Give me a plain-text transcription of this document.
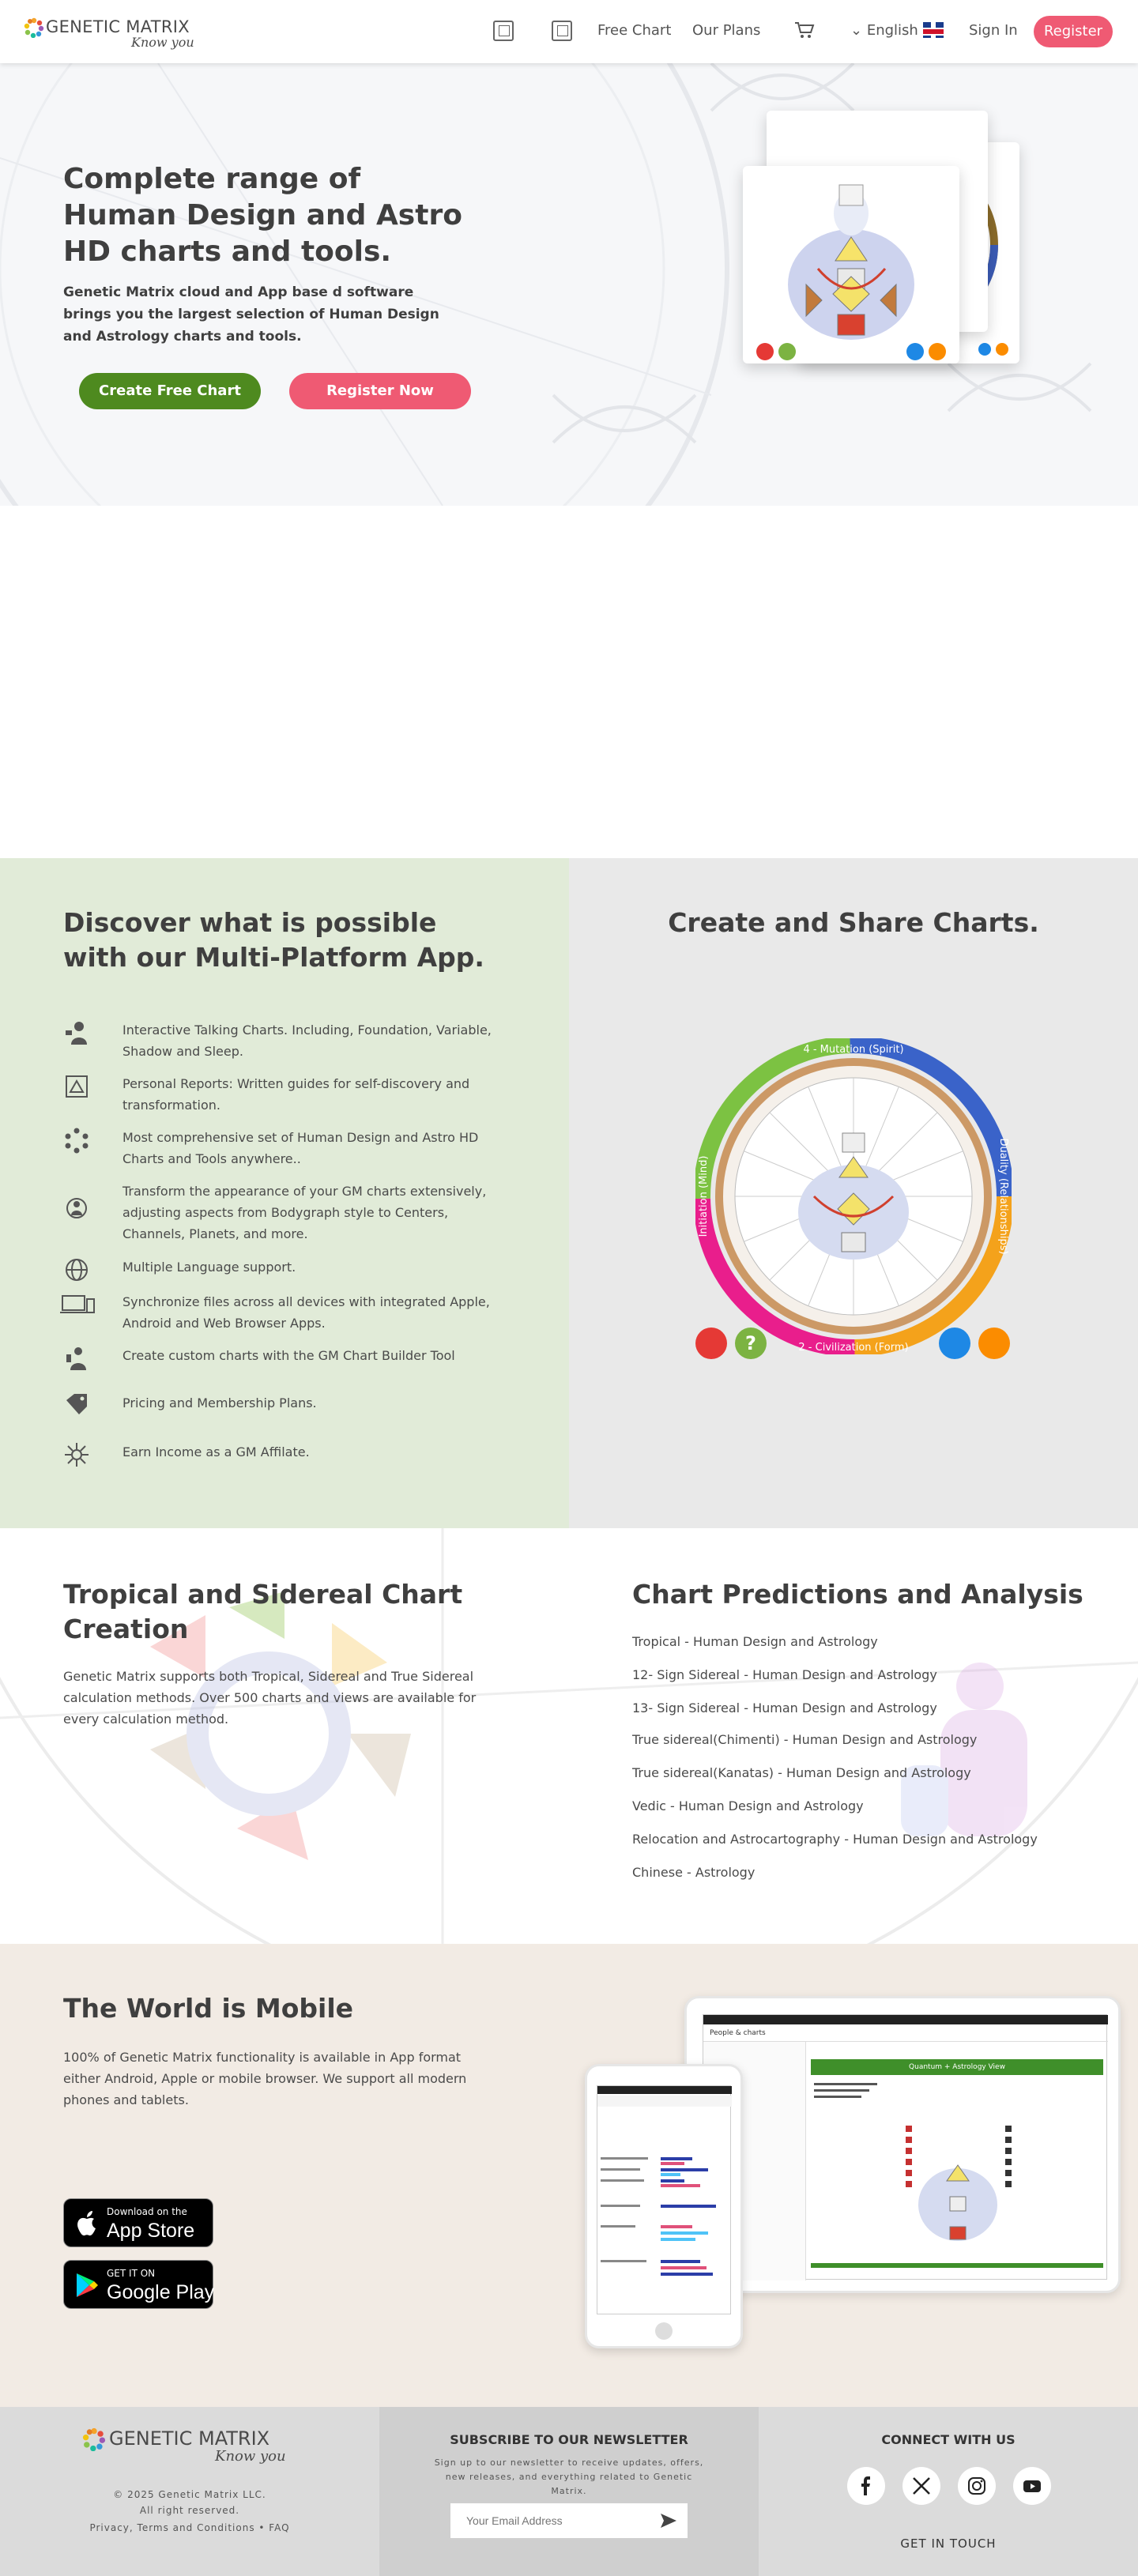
GENETIC MATRIX
Know you
Free Chart Our Plans	⌄ English	Sign In	Register
Complete range of Human Design and Astro HD charts and tools.
Genetic Matrix cloud and App base d software brings you the largest selection of Human Design and Astrology charts and tools.
Create Free Chart	Register Now
Discover what is possible with our Multi-Platform App.
Interactive Talking Charts. Including, Foundation, Variable, Shadow and Sleep.
Personal Reports: Written guides for self-discovery and transformation.
Most comprehensive set of Human Design and Astro HD Charts and Tools anywhere..
Transform the appearance of your GM charts extensively, adjusting aspects from Bodygraph style to Centers, Channels, Planets, and more.
Multiple Language support.
Synchronize files across all devices with integrated Apple, Android and Web Browser Apps.
Create custom charts with the GM Chart Builder Tool
Pricing and Membership Plans.
Earn Income as a GM Affilate.
Create and Share Charts.
4 - Mutation (Spirit)
Duality (Relationships)
2 - Civilization (Form)
Initiation (Mind)
?
Tropical and Sidereal Chart Creation
Genetic Matrix supports both Tropical, Sidereal and True Sidereal calculation methods. Over 500 charts and views are available for every calculation method.
Chart Predictions and Analysis
Tropical - Human Design and Astrology
12- Sign Sidereal - Human Design and Astrology
13- Sign Sidereal - Human Design and Astrology
True sidereal(Chimenti) - Human Design and Astrology
True sidereal(Kanatas) - Human Design and Astrology
Vedic - Human Design and Astrology
Relocation and Astrocartography - Human Design and Astrology
Chinese - Astrology
The World is Mobile
100% of Genetic Matrix functionality is available in App format either Android, Apple or mobile browser. We support all modern phones and tablets.
Download on the
App Store
GET IT ON
Google Play
People & charts
Quantum + Astrology View
GENETIC MATRIX
Know you
© 2025 Genetic Matrix LLC.
All right reserved.
Privacy, Terms and Conditions • FAQ
SUBSCRIBE TO OUR NEWSLETTER
Sign up to our newsletter to receive updates, offers, new releases, and everything related to Genetic Matrix.
Your Email Address
CONNECT WITH US
GET IN TOUCH
